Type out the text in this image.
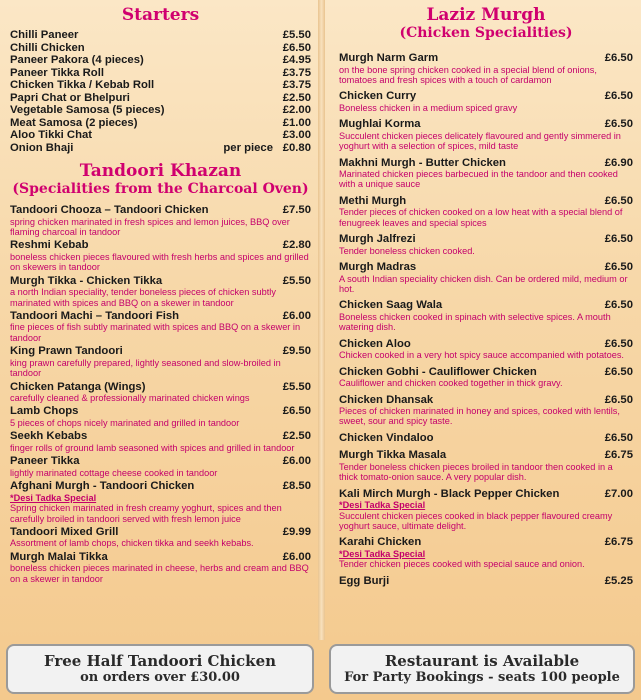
Starters
Chilli Paneer	£5.50
Chilli Chicken	£6.50
Paneer Pakora (4 pieces)	£4.95
Paneer Tikka Roll	£3.75
Chicken Tikka / Kebab Roll	£3.75
Papri Chat or Bhelpuri	£2.50
Vegetable Samosa (5 pieces)	£2.00
Meat Samosa (2 pieces)	£1.00
Aloo Tikki Chat	£3.00
Onion Bhaji	per piece £0.80
Tandoori Khazan
(Specialities from the Charcoal Oven)
Tandoori Chooza – Tandoori Chicken	£7.50
spring chicken marinated in fresh spices and lemon juices, BBQ over flaming charcoal in tandoor
Reshmi Kebab	£2.80
boneless chicken pieces flavoured with fresh herbs and spices and grilled on skewers in tandoor
Murgh Tikka - Chicken Tikka	£5.50
a north Indian speciality, tender boneless pieces of chicken subtly marinated with spices and BBQ on a skewer in tandoor
Tandoori Machi – Tandoori Fish	£6.00
fine pieces of fish subtly marinated with spices and BBQ on a skewer in tandoor
King Prawn Tandoori	£9.50
king prawn carefully prepared, lightly seasoned and slow-broiled in tandoor
Chicken Patanga (Wings)	£5.50
carefully cleaned & professionally marinated chicken wings
Lamb Chops	£6.50
5 pieces of chops nicely marinated and grilled in tandoor
Seekh Kebabs	£2.50
finger rolls of ground lamb seasoned with spices and grilled in tandoor
Paneer Tikka	£6.00
lightly marinated cottage cheese cooked in tandoor
Afghani Murgh - Tandoori Chicken	£8.50
*Desi Tadka Special
Spring chicken marinated in fresh creamy yoghurt, spices and then carefully broiled in tandoori served with fresh lemon juice
Tandoori Mixed Grill	£9.99
Assortment of lamb chops, chicken tikka and seekh kebabs.
Murgh Malai Tikka	£6.00
boneless chicken pieces marinated in cheese, herbs and cream and BBQ on a skewer in tandoor
Laziz Murgh
(Chicken Specialities)
Murgh Narm Garm	£6.50
on the bone spring chicken cooked in a special blend of onions, tomatoes and fresh spices with a touch of cardamon
Chicken Curry	£6.50
Boneless chicken in a medium spiced gravy
Mughlai Korma	£6.50
Succulent chicken pieces delicately flavoured and gently simmered in yoghurt with a selection of spices, mild taste
Makhni Murgh - Butter Chicken	£6.90
Marinated chicken pieces barbecued in the tandoor and then cooked with a unique sauce
Methi Murgh	£6.50
Tender pieces of chicken cooked on a low heat with a special blend of fenugreek leaves and special spices
Murgh Jalfrezi	£6.50
Tender boneless chicken cooked.
Murgh Madras	£6.50
A south Indian speciality chicken dish. Can be ordered mild, medium or hot.
Chicken Saag Wala	£6.50
Boneless chicken cooked in spinach with selective spices. A mouth watering dish.
Chicken Aloo	£6.50
Chicken cooked in a very hot spicy sauce accompanied with potatoes.
Chicken Gobhi - Cauliflower Chicken	£6.50
Cauliflower and chicken cooked together in thick gravy.
Chicken Dhansak	£6.50
Pieces of chicken marinated in honey and spices, cooked with lentils, sweet, sour and spicy taste.
Chicken Vindaloo	£6.50
Murgh Tikka Masala	£6.75
Tender boneless chicken pieces broiled in tandoor then cooked in a thick tomato-onion sauce. A very popular dish.
Kali Mirch Murgh - Black Pepper Chicken	£7.00
*Desi Tadka Special
Succulent chicken pieces cooked in black pepper flavoured creamy yoghurt sauce, ultimate delight.
Karahi Chicken	£6.75
*Desi Tadka Special
Tender chicken pieces cooked with special sauce and onion.
Egg Burji	£5.25
Free Half Tandoori Chicken
on orders over £30.00
Restaurant is Available
For Party Bookings - seats 100 people
